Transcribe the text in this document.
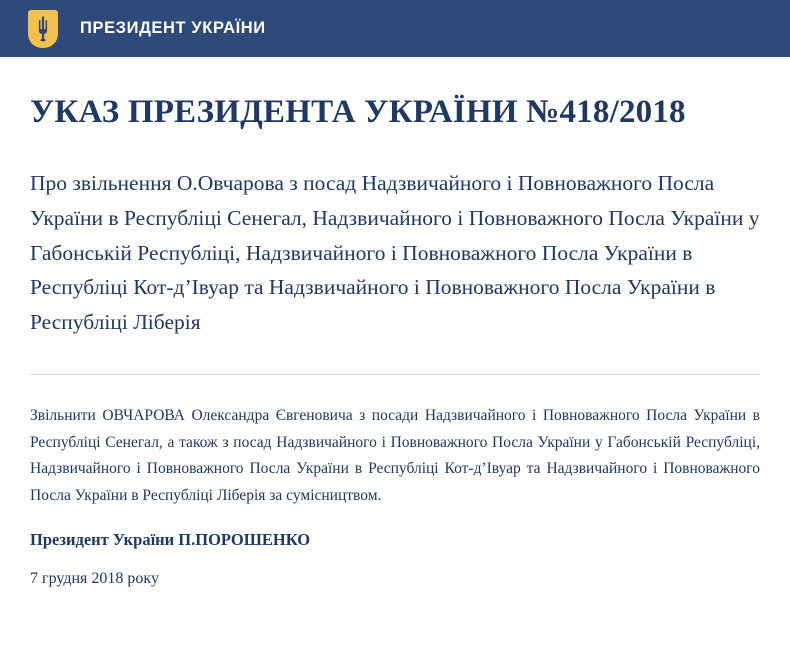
ПРЕЗИДЕНТ УКРАЇНИ
УКАЗ ПРЕЗИДЕНТА УКРАЇНИ №418/2018

Про звільнення О.Овчарова з посад Надзвичайного і Повноважного Посла України в Республіці Сенегал, Надзвичайного і Повноважного Посла України у Габонській Республіці, Надзвичайного і Повноважного Посла України в Республіці Кот-д’Івуар та Надзвичайного і Повноважного Посла України в Республіці Ліберія

Звільнити ОВЧАРОВА Олександра Євгеновича з посади Надзвичайного і Повноважного Посла України в Республіці Сенегал, а також з посад Надзвичайного і Повноважного Посла України у Габонській Республіці, Надзвичайного і Повноважного Посла України в Республіці Кот-д’Івуар та Надзвичайного і Повноважного Посла України в Республіці Ліберія за сумісництвом.

Президент України П.ПОРОШЕНКО

7 грудня 2018 року
